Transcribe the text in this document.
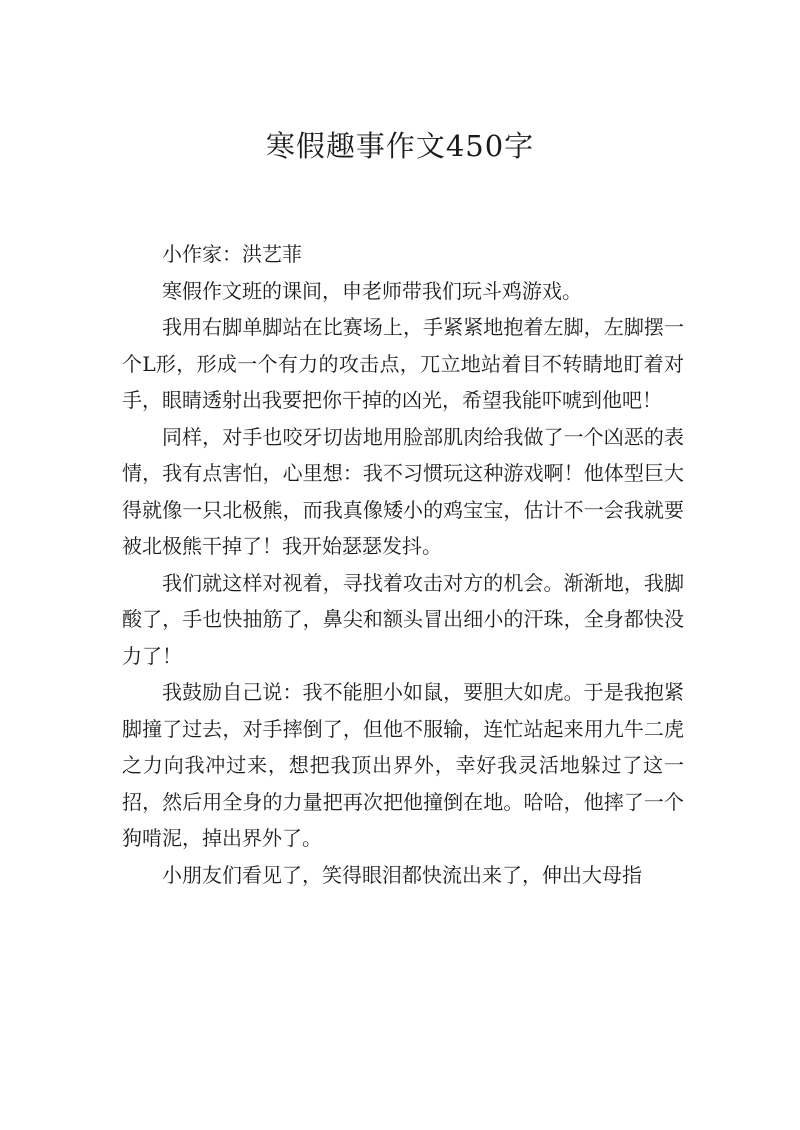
寒假趣事作文450字

小作家：洪艺菲

寒假作文班的课间，申老师带我们玩斗鸡游戏。

我用右脚单脚站在比赛场上，手紧紧地抱着左脚，左脚摆一个L形，形成一个有力的攻击点，兀立地站着目不转睛地盯着对手，眼睛透射出我要把你干掉的凶光，希望我能吓唬到他吧！

同样，对手也咬牙切齿地用脸部肌肉给我做了一个凶恶的表情，我有点害怕，心里想：我不习惯玩这种游戏啊！他体型巨大得就像一只北极熊，而我真像矮小的鸡宝宝，估计不一会我就要被北极熊干掉了！我开始瑟瑟发抖。

我们就这样对视着，寻找着攻击对方的机会。渐渐地，我脚酸了，手也快抽筋了，鼻尖和额头冒出细小的汗珠，全身都快没力了！

我鼓励自己说：我不能胆小如鼠，要胆大如虎。于是我抱紧脚撞了过去，对手摔倒了，但他不服输，连忙站起来用九牛二虎之力向我冲过来，想把我顶出界外，幸好我灵活地躲过了这一招，然后用全身的力量把再次把他撞倒在地。哈哈，他摔了一个狗啃泥，掉出界外了。

小朋友们看见了，笑得眼泪都快流出来了，伸出大母指
